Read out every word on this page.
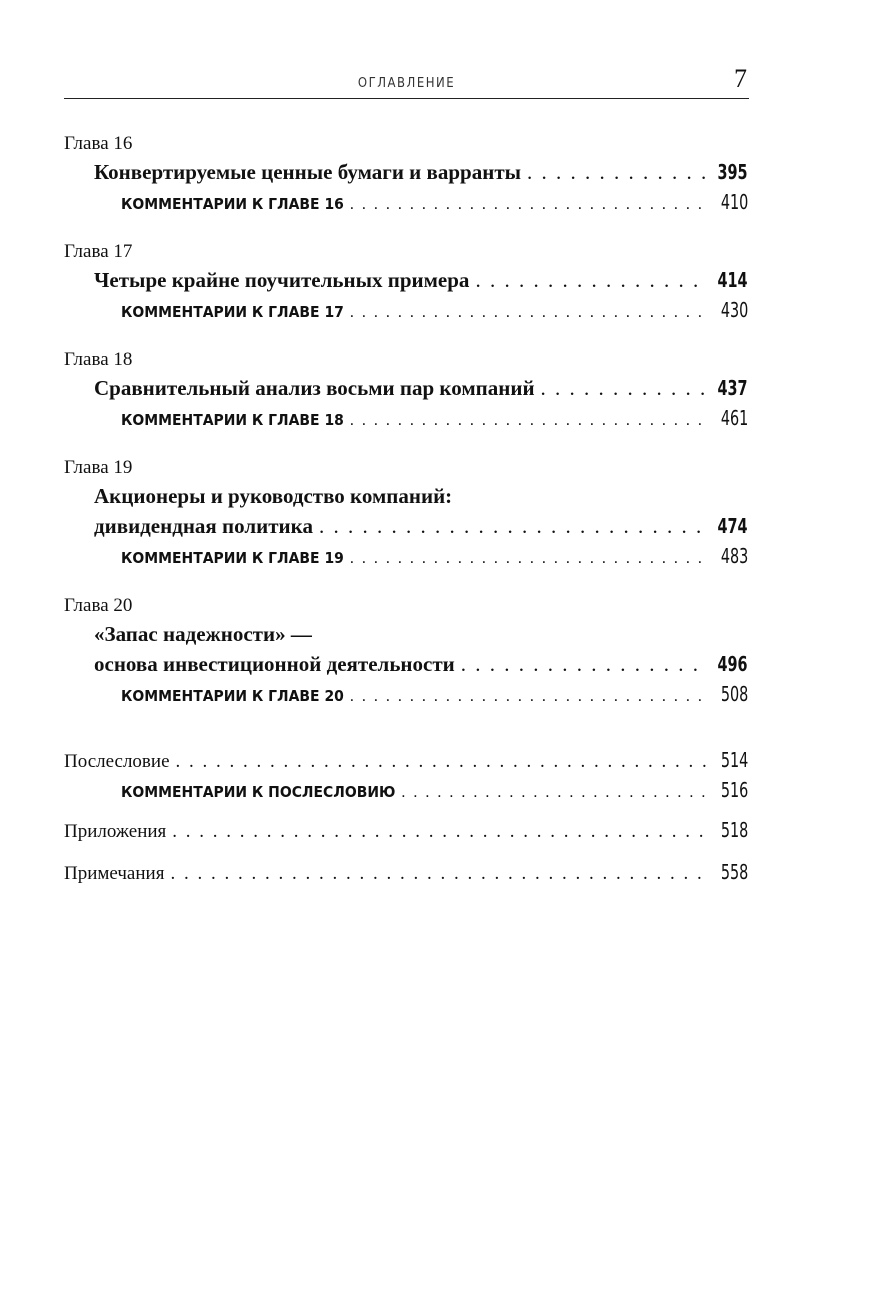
ОГЛАВЛЕНИЕ	7
Глава 16
Конвертируемые ценные бумаги и варранты . . .	395
КОММЕНТАРИИ К ГЛАВЕ 16 . . .	410
Глава 17
Четыре крайне поучительных примера . . .	414
КОММЕНТАРИИ К ГЛАВЕ 17 . . .	430
Глава 18
Сравнительный анализ восьми пар компаний . . .	437
КОММЕНТАРИИ К ГЛАВЕ 18 . . .	461
Глава 19
Акционеры и руководство компаний:
дивидендная политика . . .	474
КОММЕНТАРИИ К ГЛАВЕ 19 . . .	483
Глава 20
«Запас надежности» —
основа инвестиционной деятельности . . .	496
КОММЕНТАРИИ К ГЛАВЕ 20 . . .	508
Послесловие . . .	514
КОММЕНТАРИИ К ПОСЛЕСЛОВИЮ . . .	516
Приложения . . .	518
Примечания . . .	558
